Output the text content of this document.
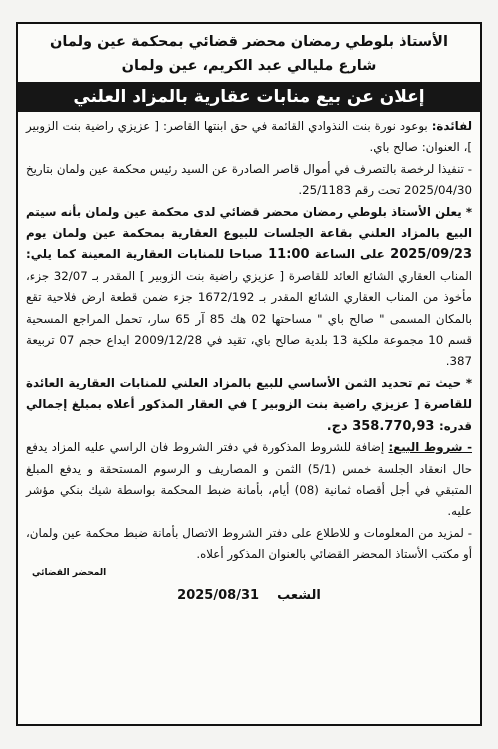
الأستاذ بلوطي رمضان محضر قضائي بمحكمة عين ولمان
شارع مليالي عبد الكريم، عين ولمان
إعلان عن بيع منابات عقارية بالمزاد العلني

لفائدة: بوعود نورة بنت النذوادي القائمة في حق ابنتها القاصر: [ عزيزي راضية بنت الزوبير ]، العنوان: صالح باي.

- تنفيذا لرخصة بالتصرف في أموال قاصر الصادرة عن السيد رئيس محكمة عين ولمان بتاريخ 2025/04/30 تحت رقم 25/1183.

* يعلن الأستاذ بلوطي رمضان محضر قضائي لدى محكمة عين ولمان بأنه سيتم البيع بالمزاد العلني بقاعة الجلسات للبيوع العقارية بمحكمة عين ولمان يوم 2025/09/23 على الساعة 11:00 صباحا للمنابات العقارية المعينة كما يلي: المناب العقاري الشائع العائد للقاصرة [ عزيزي راضية بنت الزوبير ] المقدر بـ 32/07 جزء، مأخوذ من المناب العقاري الشائع المقدر بـ 1672/192 جزء ضمن قطعة ارض فلاحية تقع بالمكان المسمى " صالح باي " مساحتها 02 هك 85 آر 65 سار، تحمل المراجع المسحية قسم 10 مجموعة ملكية 13 بلدية صالح باي، تقيد في 2009/12/28 ايداع حجم 07 تربيعة 387.

* حيث تم تحديد الثمن الأساسي للبيع بالمزاد العلني للمنابات العقارية العائدة للقاصرة [ عزيزي راضية بنت الزوبير ] في العقار المذكور أعلاه بمبلغ إجمالي قدره: 358.770,93 دج.

- شروط البيع: إضافة للشروط المذكورة في دفتر الشروط فان الراسي عليه المزاد يدفع حال انعقاد الجلسة خمس (5/1) الثمن و المصاريف و الرسوم المستحقة و يدفع المبلغ المتبقي في أجل أقصاه ثمانية (08) أيام، بأمانة ضبط المحكمة بواسطة شيك بنكي مؤشر عليه.

- لمزيد من المعلومات و للاطلاع على دفتر الشروط الاتصال بأمانة ضبط محكمة عين ولمان، أو مكتب الأستاذ المحضر القضائي بالعنوان المذكور أعلاه.

المحضر القضائي
2025/08/31 الشعب
